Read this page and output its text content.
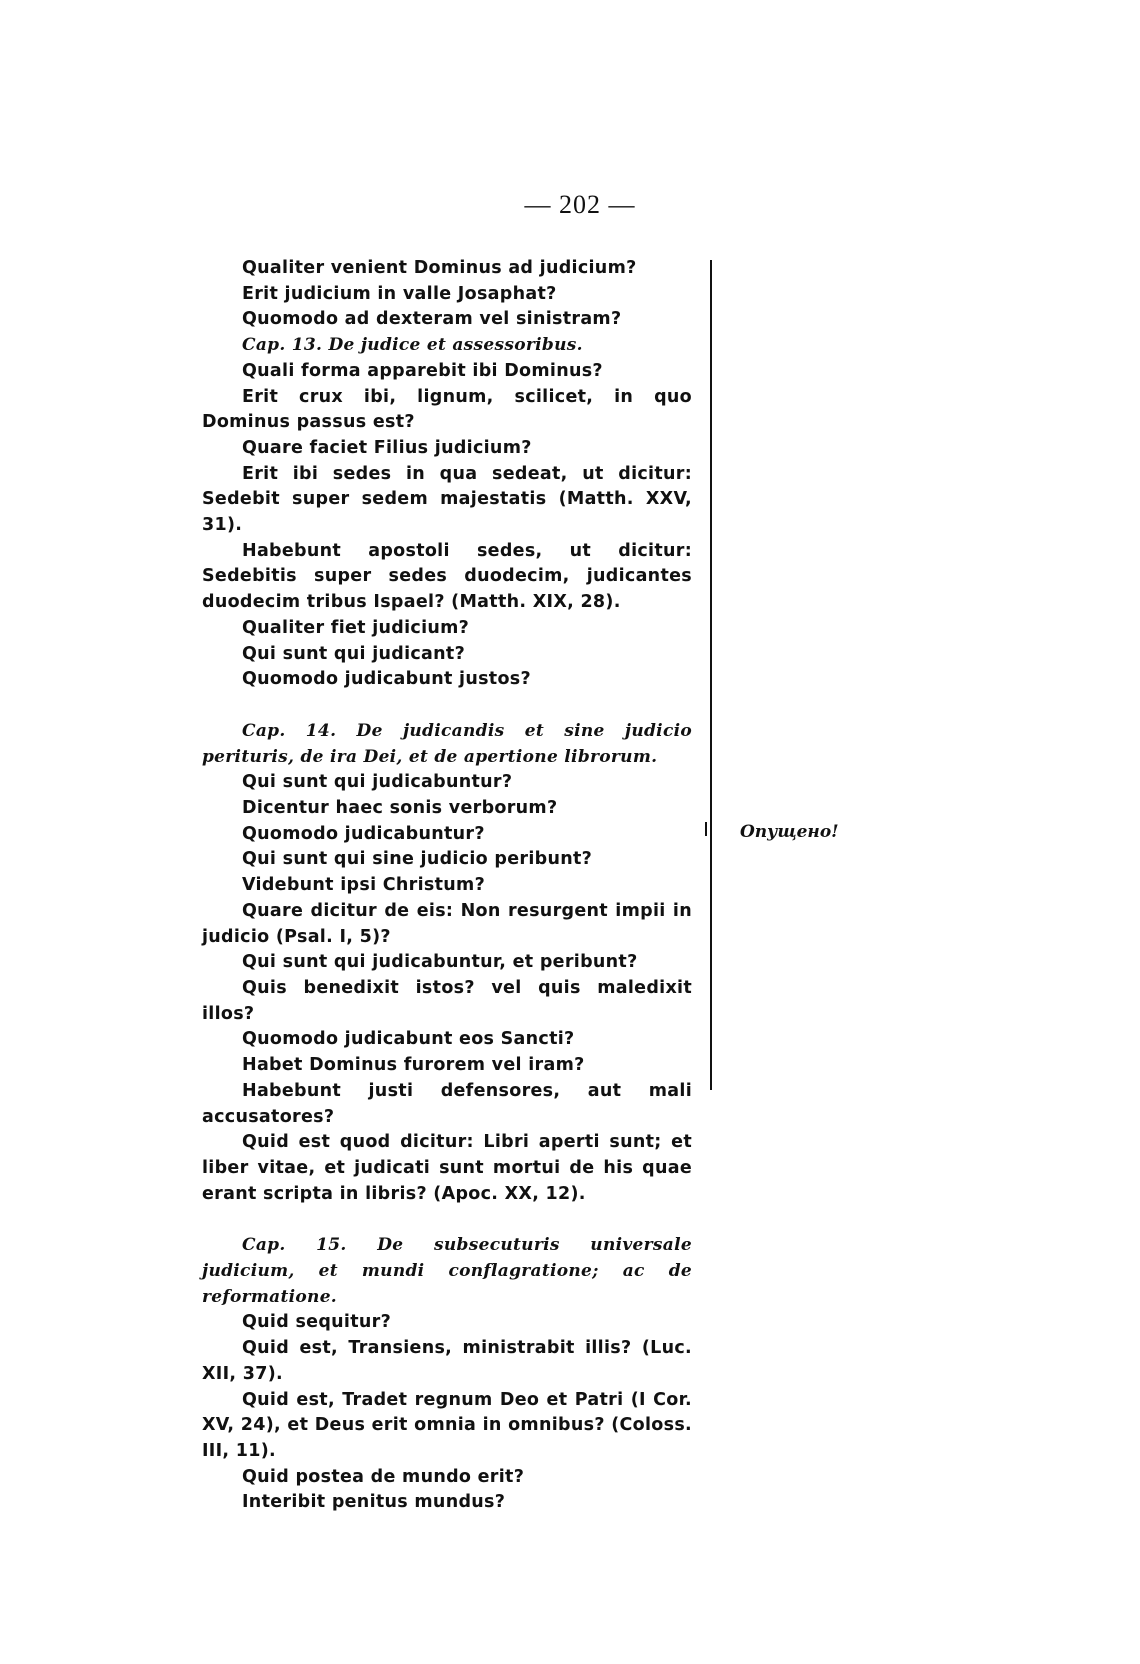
— 202 —
Qualiter venient Dominus ad judicium?
Erit judicium in valle Josaphat?
Quomodo ad dexteram vel sinistram?
Cap. 13. De judice et assessoribus.
Quali forma apparebit ibi Dominus?
Erit crux ibi, lignum, scilicet, in quo Dominus passus est?
Quare faciet Filius judicium?
Erit ibi sedes in qua sedeat, ut dicitur: Sedebit super sedem majestatis (Matth. XXV, 31).
Habebunt apostoli sedes, ut dicitur: Sedebitis super sedes duodecim, judicantes duodecim tribus Ispael? (Matth. XIX, 28).
Qualiter fiet judicium?
Qui sunt qui judicant?
Quomodo judicabunt justos?
Cap. 14. De judicandis et sine judicio perituris, de ira Dei, et de apertione librorum.
Qui sunt qui judicabuntur?
Dicentur haec sonis verborum?
Quomodo judicabuntur?
Qui sunt qui sine judicio peribunt?
Videbunt ipsi Christum?
Quare dicitur de eis: Non resurgent impii in judicio (Psal. I, 5)?
Qui sunt qui judicabuntur, et peribunt?
Quis benedixit istos? vel quis maledixit illos?
Quomodo judicabunt eos Sancti?
Habet Dominus furorem vel iram?
Habebunt justi defensores, aut mali accusatores?
Quid est quod dicitur: Libri aperti sunt; et liber vitae, et judicati sunt mortui de his quae erant scripta in libris? (Apoc. XX, 12).
Cap. 15. De subsecuturis universale judicium, et mundi conflagratione; ac de reformatione.
Quid sequitur?
Quid est, Transiens, ministrabit illis? (Luc. XII, 37).
Quid est, Tradet regnum Deo et Patri (I Cor. XV, 24), et Deus erit omnia in omnibus? (Coloss. III, 11).
Quid postea de mundo erit?
Interibit penitus mundus?
Опущено!
